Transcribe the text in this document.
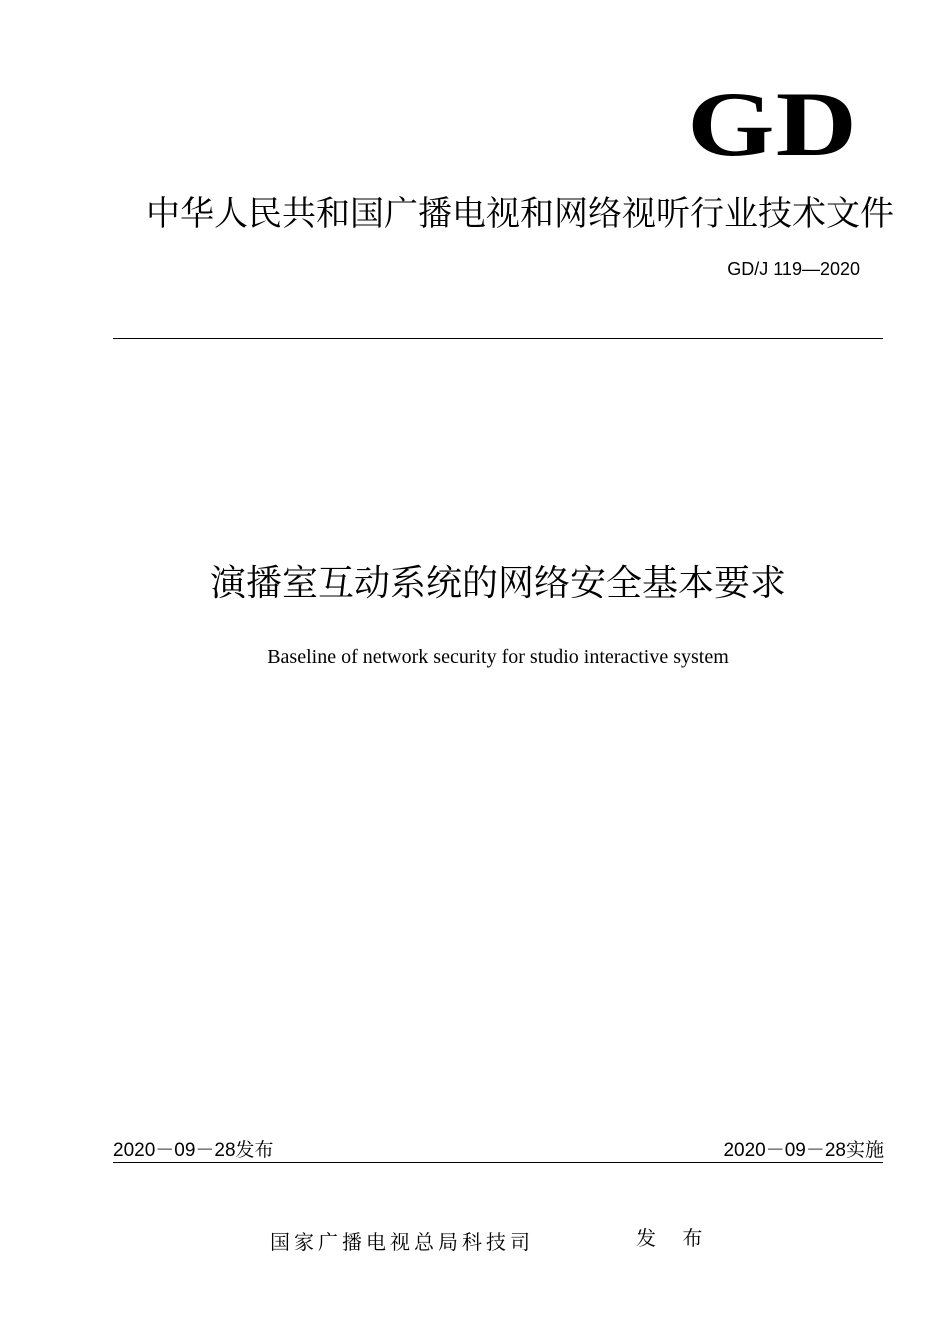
GD
中华人民共和国广播电视和网络视听行业技术文件
GD/J 119—2020
演播室互动系统的网络安全基本要求
Baseline of network security for studio interactive system
2020－09－28发布	2020－09－28实施
国家广播电视总局科技司	发 布
